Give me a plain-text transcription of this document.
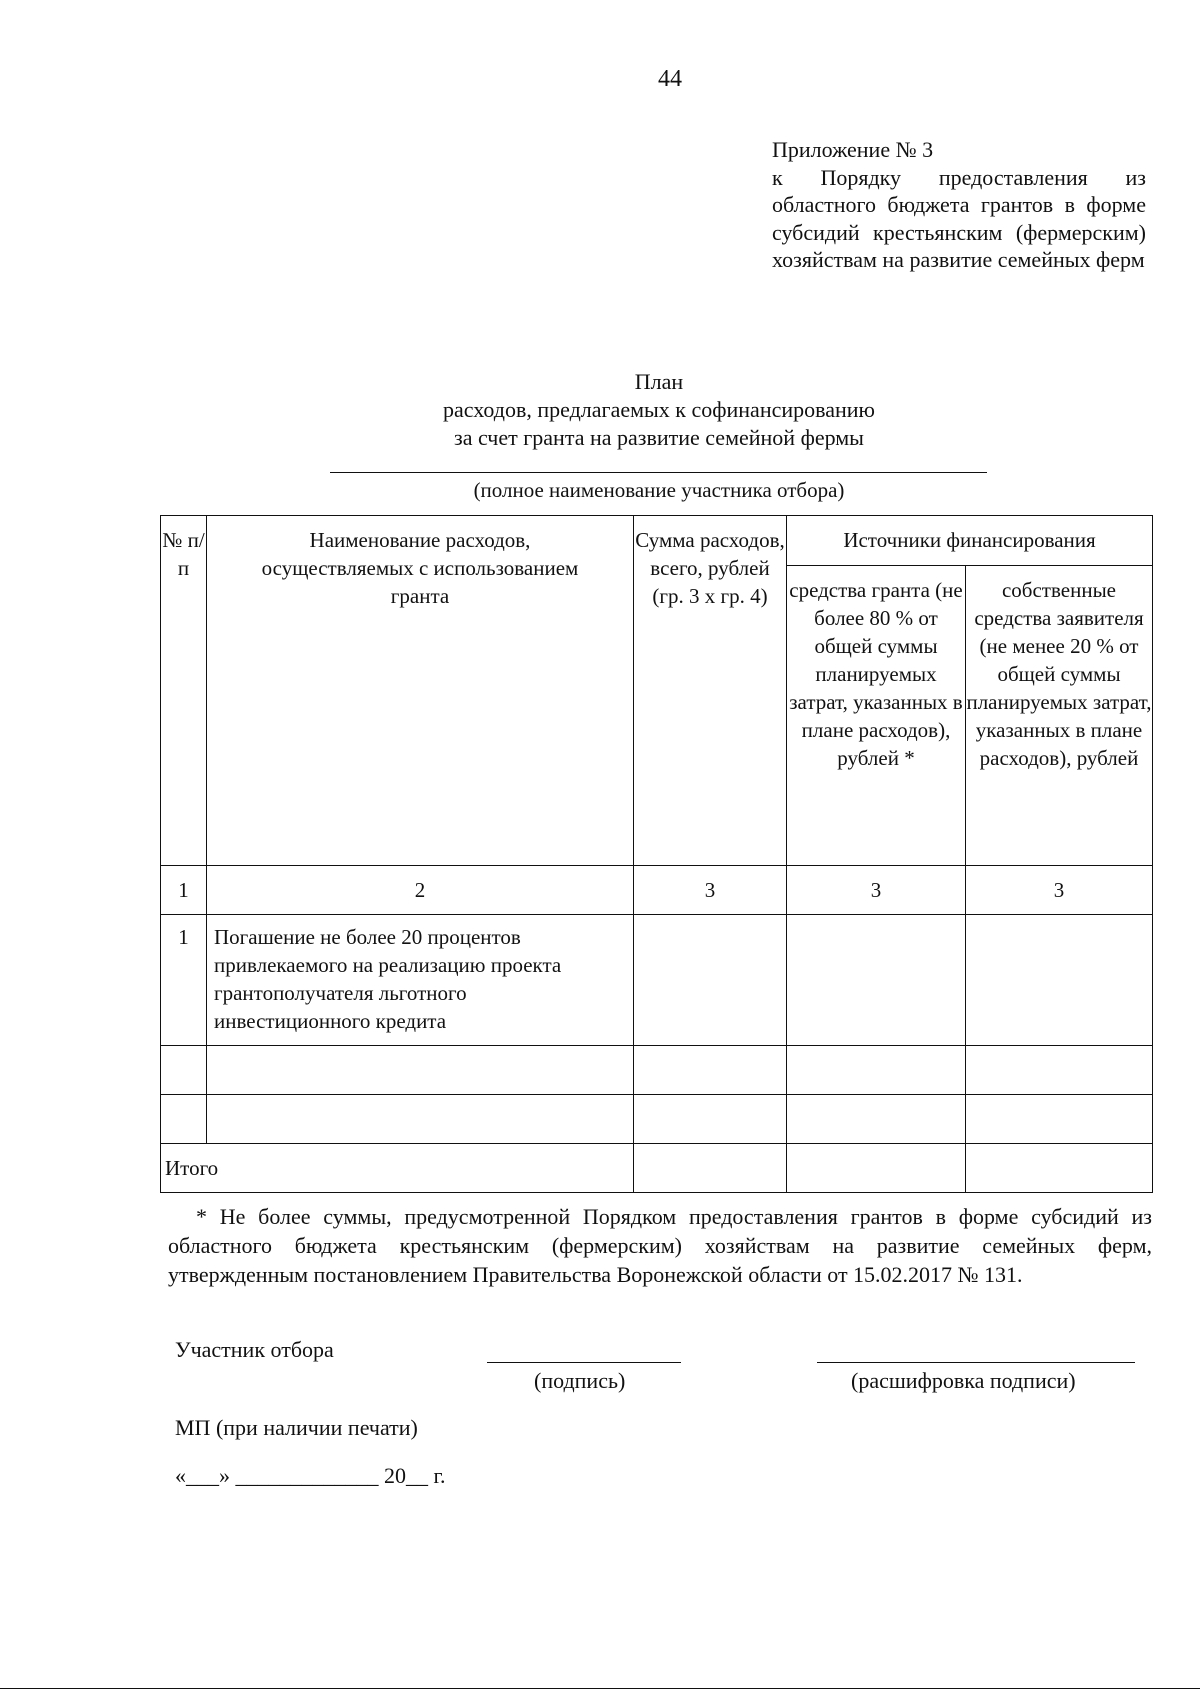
44
Приложение № 3
к Порядку предоставления из областного бюджета грантов в форме субсидий крестьянским (фермерским) хозяйствам на развитие семейных ферм
План
расходов, предлагаемых к софинансированию
за счет гранта на развитие семейной фермы
(полное наименование участника отбора)
№ п/п	Наименование расходов, осуществляемых с использованием гранта	Сумма расходов, всего, рублей (гр. 3 х гр. 4)	Источники финансирования	
			средства гранта (не более 80 % от общей суммы планируемых затрат, указанных в плане расходов), рублей *	собственные средства заявителя (не менее 20 % от общей суммы планируемых затрат, указанных в плане расходов), рублей
1	2	3	3	3
1	Погашение не более 20 процентов привлекаемого на реализацию проекта грантополучателя льготного инвестиционного кредита			

Итого				
* Не более суммы, предусмотренной Порядком предоставления грантов в форме субсидий из областного бюджета крестьянским (фермерским) хозяйствам на развитие семейных ферм, утвержденным постановлением Правительства Воронежской области от 15.02.2017 № 131.
Участник отбора
(подпись)	(расшифровка подписи)
МП (при наличии печати)
«___» _____________ 20__ г.
